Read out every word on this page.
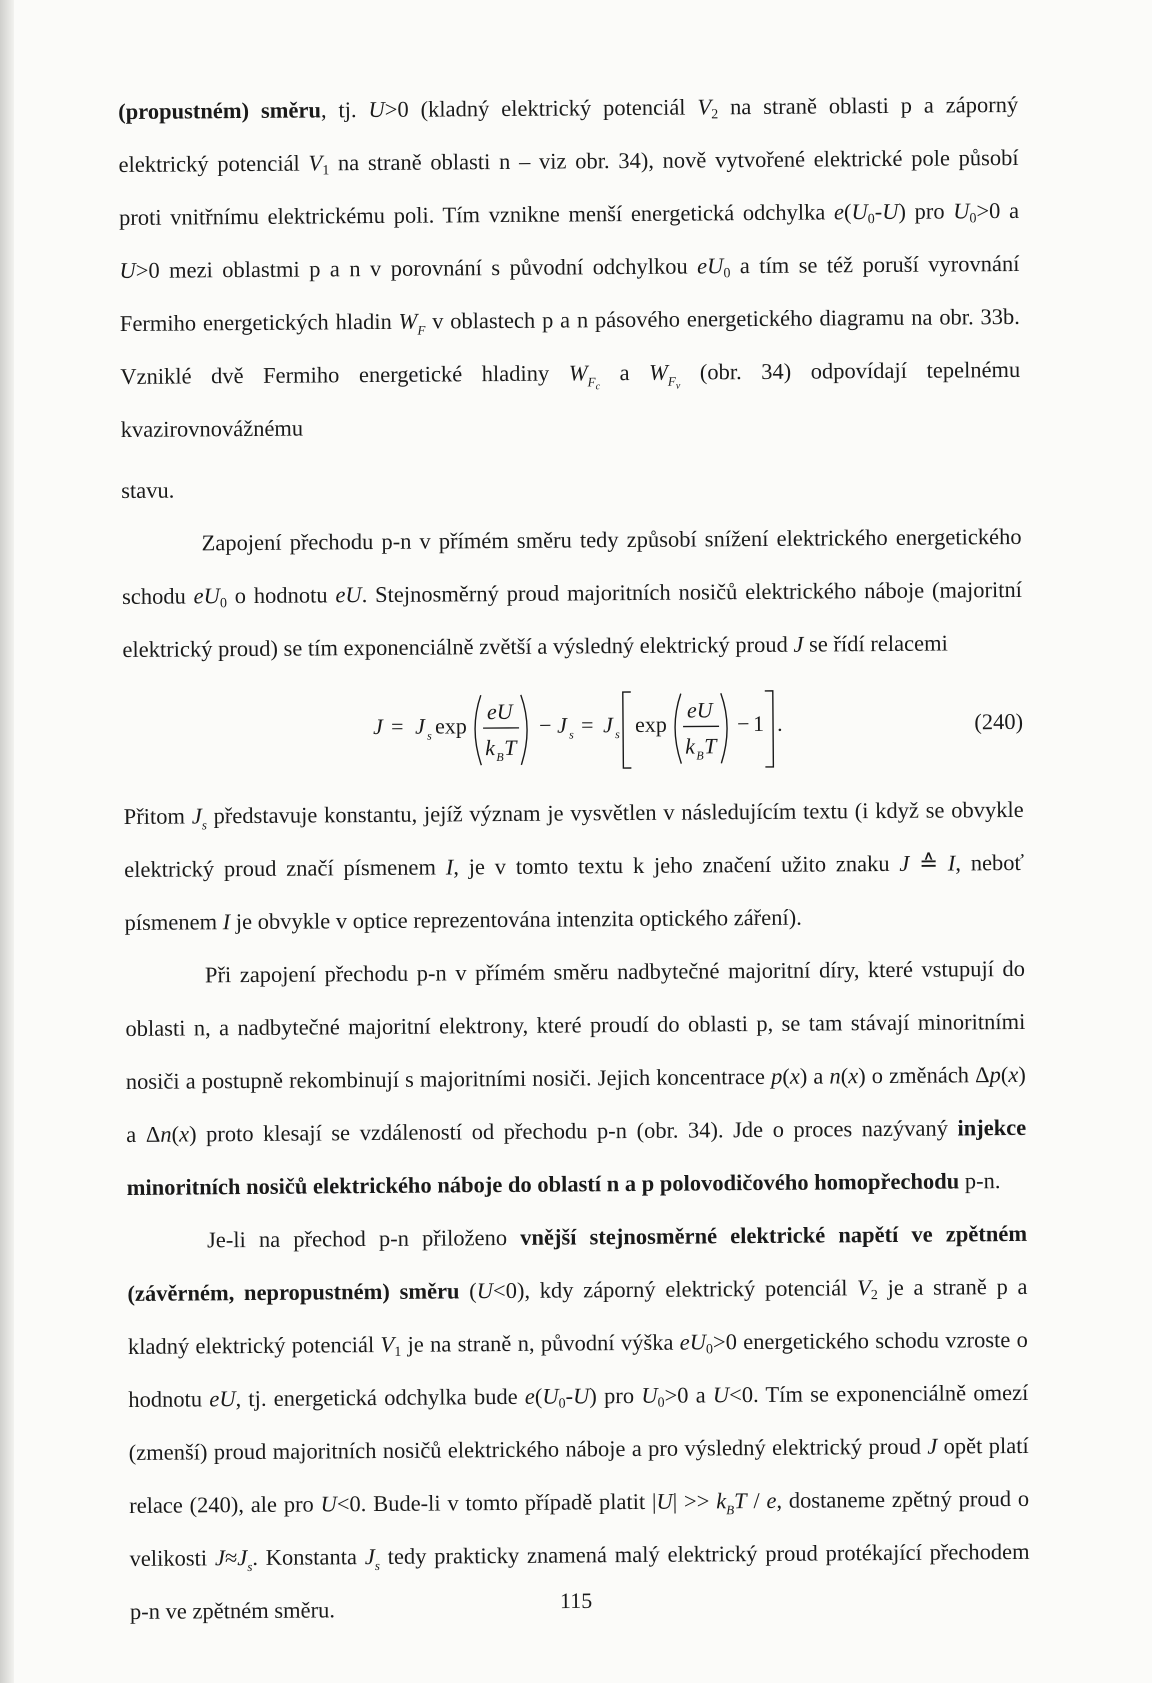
(propustném) směru, tj. U>0 (kladný elektrický potenciál $V_2$ na straně oblasti p a záporný elektrický potenciál $V_1$ na straně oblasti n – viz obr. 34), nově vytvořené elektrické pole působí proti vnitřnímu elektrickému poli. Tím vznikne menší energetická odchylka $e(U_0-U)$ pro $U_0>0$ a U>0 mezi oblastmi p a n v porovnání s původní odchylkou $eU_0$ a tím se též poruší vyrovnání Fermiho energetických hladin $W_F$ v oblastech p a n pásového energetického diagramu na obr. 33b. Vzniklé dvě Fermiho energetické hladiny $W_{F_c}$ a $W_{F_v}$ (obr. 34) odpovídají tepelnému kvazirovnovážnému

stavu.

Zapojení přechodu p-n v přímém směru tedy způsobí snížení elektrického energetického schodu $eU_0$ o hodnotu eU. Stejnosměrný proud majoritních nosičů elektrického náboje (majoritní elektrický proud) se tím exponenciálně zvětší a výsledný elektrický proud J se řídí relacemi

J = J s exp
eU
k B T
− J s = J s exp
eU
k B T
− 1 .	(240)

Přitom $J_s$ představuje konstantu, jejíž význam je vysvětlen v následujícím textu (i když se obvykle elektrický proud značí písmenem I, je v tomto textu k jeho značení užito znaku J ≙ I, neboť písmenem I je obvykle v optice reprezentována intenzita optického záření).

Při zapojení přechodu p-n v přímém směru nadbytečné majoritní díry, které vstupují do oblasti n, a nadbytečné majoritní elektrony, které proudí do oblasti p, se tam stávají minoritními nosiči a postupně rekombinují s majoritními nosiči. Jejich koncentrace p(x) a n(x) o změnách Δp(x) a Δn(x) proto klesají se vzdáleností od přechodu p-n (obr. 34). Jde o proces nazývaný injekce minoritních nosičů elektrického náboje do oblastí n a p polovodičového homopřechodu p-n.

Je-li na přechod p-n přiloženo vnější stejnosměrné elektrické napětí ve zpětném (závěrném, nepropustném) směru (U<0), kdy záporný elektrický potenciál $V_2$ je a straně p a kladný elektrický potenciál $V_1$ je na straně n, původní výška $eU_0>0$ energetického schodu vzroste o hodnotu eU, tj. energetická odchylka bude $e(U_0-U)$ pro $U_0>0$ a U<0. Tím se exponenciálně omezí (zmenší) proud majoritních nosičů elektrického náboje a pro výsledný elektrický proud J opět platí relace (240), ale pro U<0. Bude-li v tomto případě platit $|U| >> k_BT / e$, dostaneme zpětný proud o velikosti $J\approx J_s$. Konstanta $J_s$ tedy prakticky znamená malý elektrický proud protékající přechodem p-n ve zpětném směru.	115
